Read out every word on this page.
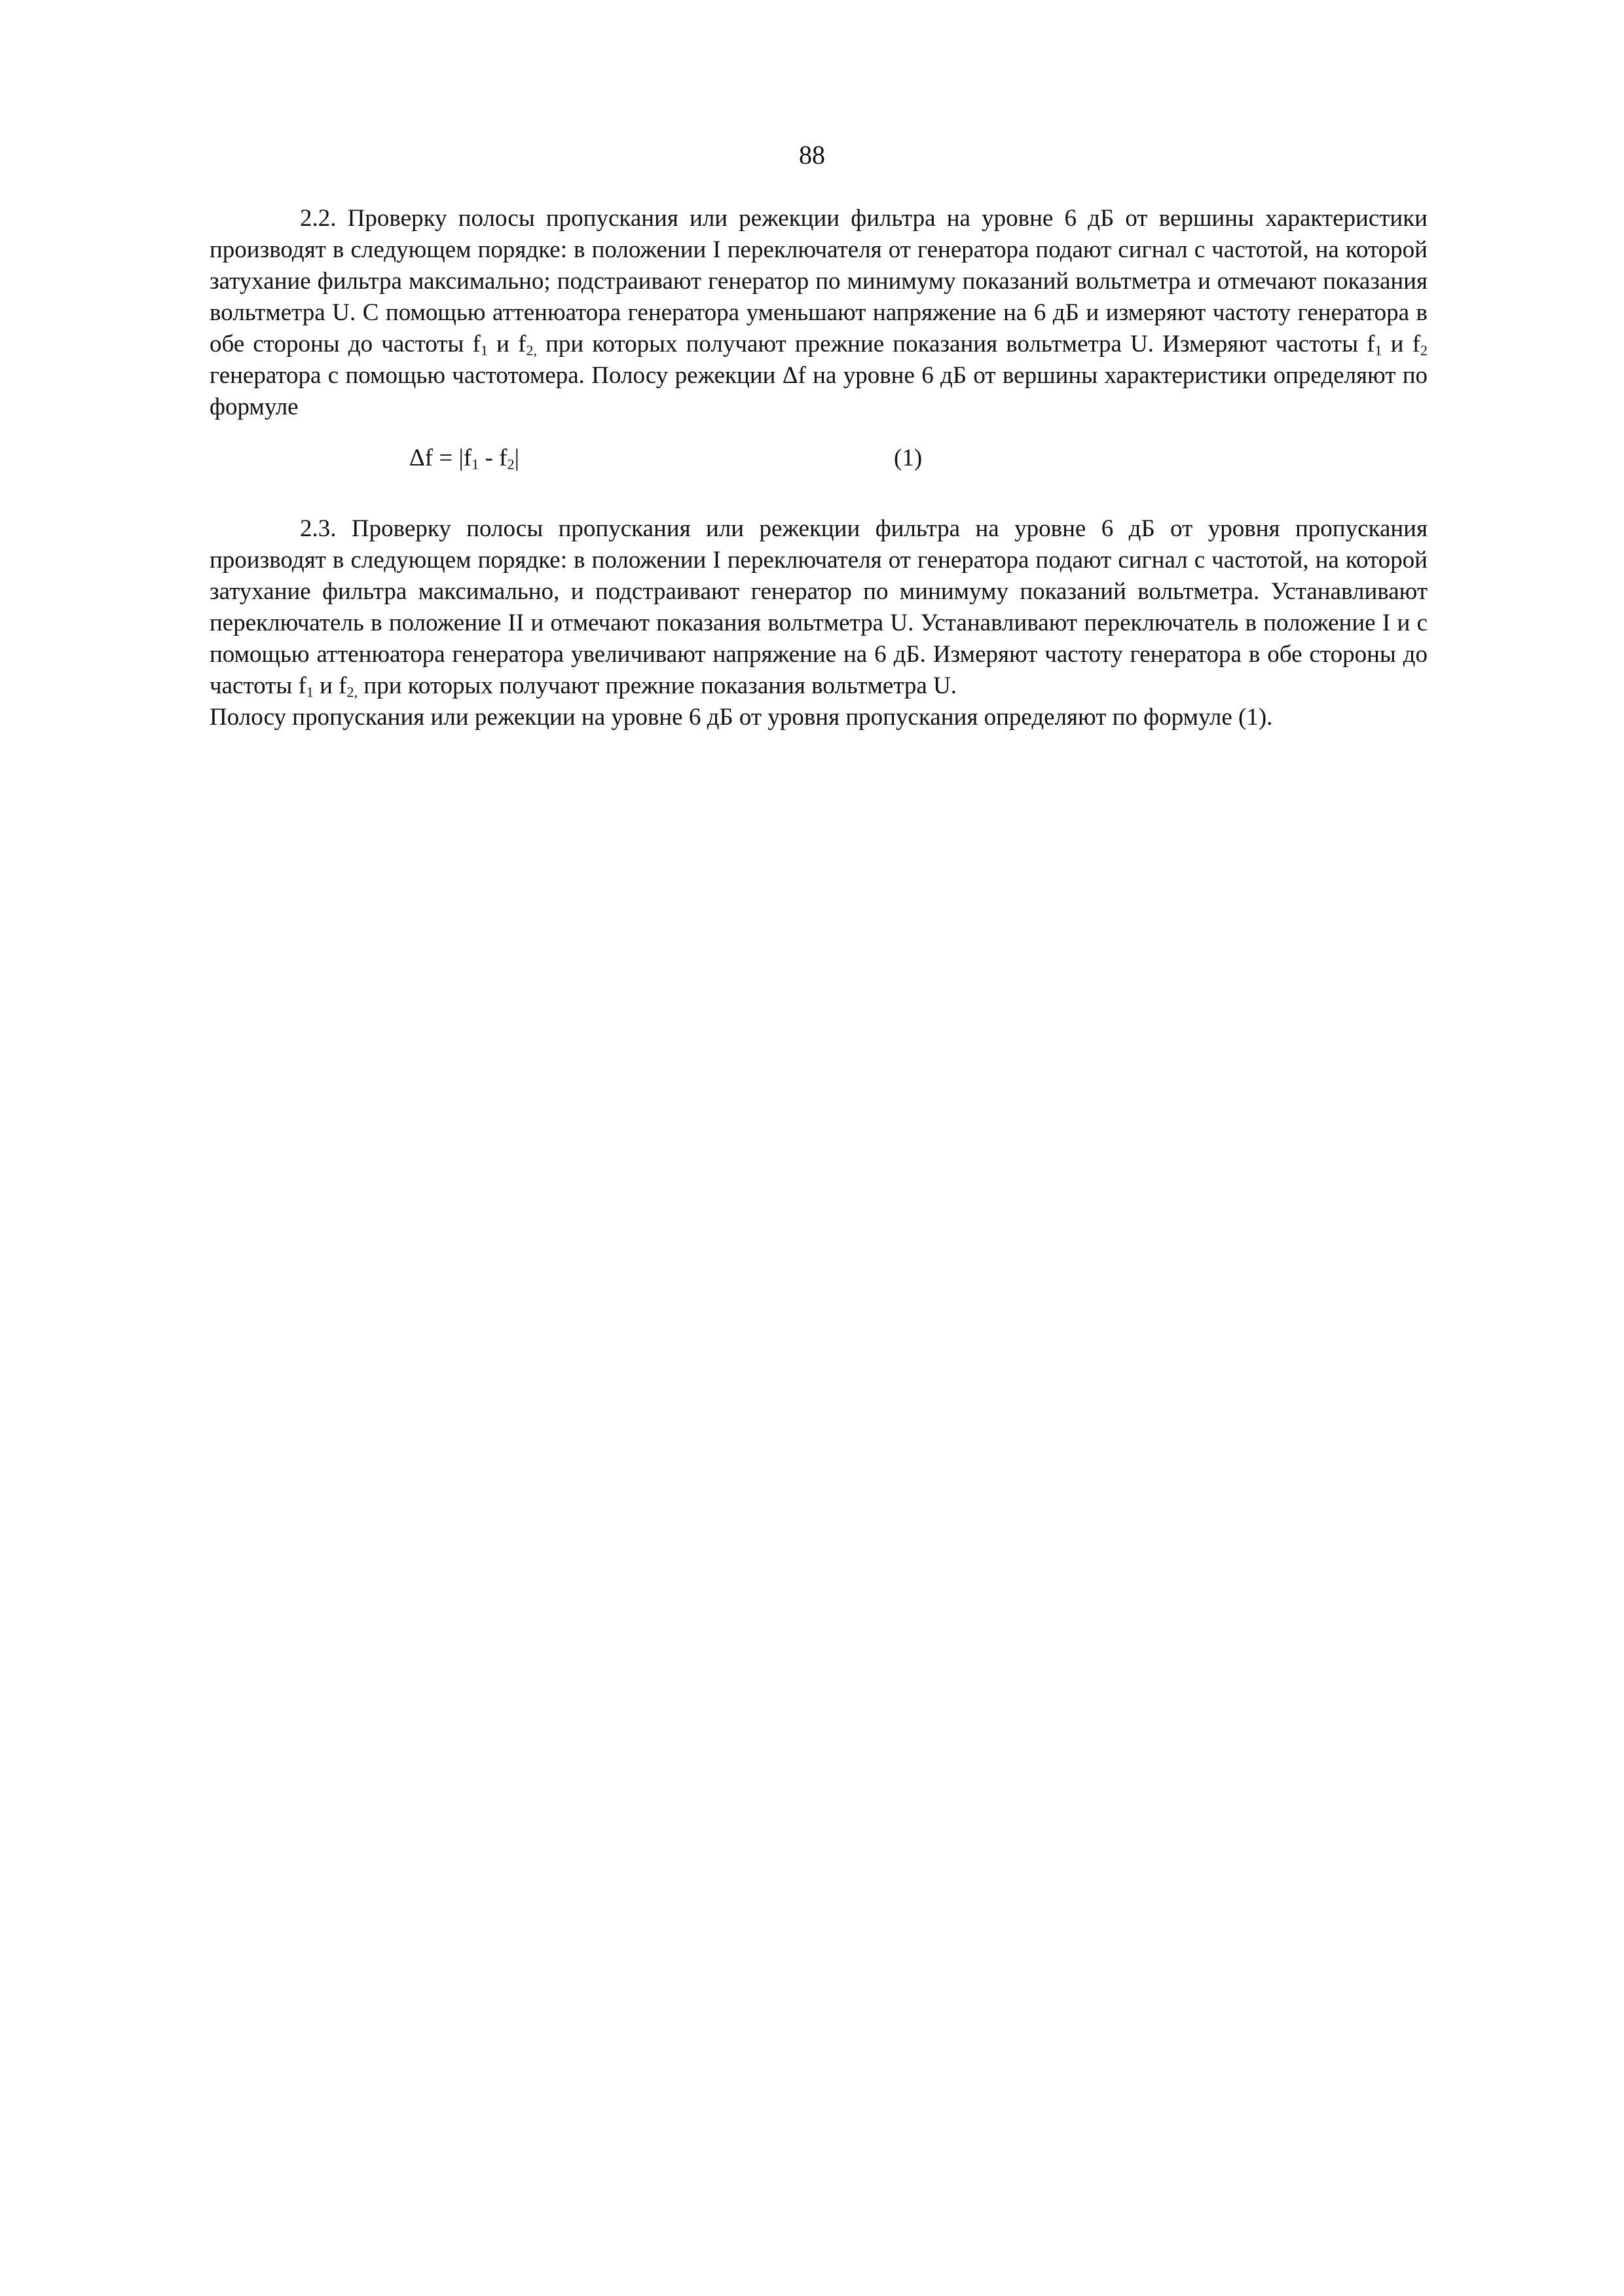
88

2.2. Проверку полосы пропускания или режекции фильтра на уровне 6 дБ от вершины характеристики производят в следующем порядке: в положении I переключателя от генератора подают сигнал с частотой, на которой затухание фильтра максимально; подстраивают генератор по минимуму показаний вольтметра и отмечают показания вольтметра U. С помощью аттенюатора генератора уменьшают напряжение на 6 дБ и измеряют частоту генератора в обе стороны до частоты $f_1$ и $f_{2,}$ при которых получают прежние показания вольтметра U. Измеряют частоты $f_1$ и $f_2$ генератора с помощью частотомера. Полосу режекции Δf на уровне 6 дБ от вершины характеристики определяют по формуле

$\Delta f = |f_1 - f_2|$	(1)

2.3. Проверку полосы пропускания или режекции фильтра на уровне 6 дБ от уровня пропускания производят в следующем порядке: в положении I переключателя от генератора подают сигнал с частотой, на которой затухание фильтра максимально, и подстраивают генератор по минимуму показаний вольтметра. Устанавливают переключатель в положение II и отмечают показания вольтметра U. Устанавливают переключатель в положение I и с помощью аттенюатора генератора увеличивают напряжение на 6 дБ. Измеряют частоту генератора в обе стороны до частоты $f_1$ и $f_{2,}$ при которых получают прежние показания вольтметра U.

Полосу пропускания или режекции на уровне 6 дБ от уровня пропускания определяют по формуле (1).
